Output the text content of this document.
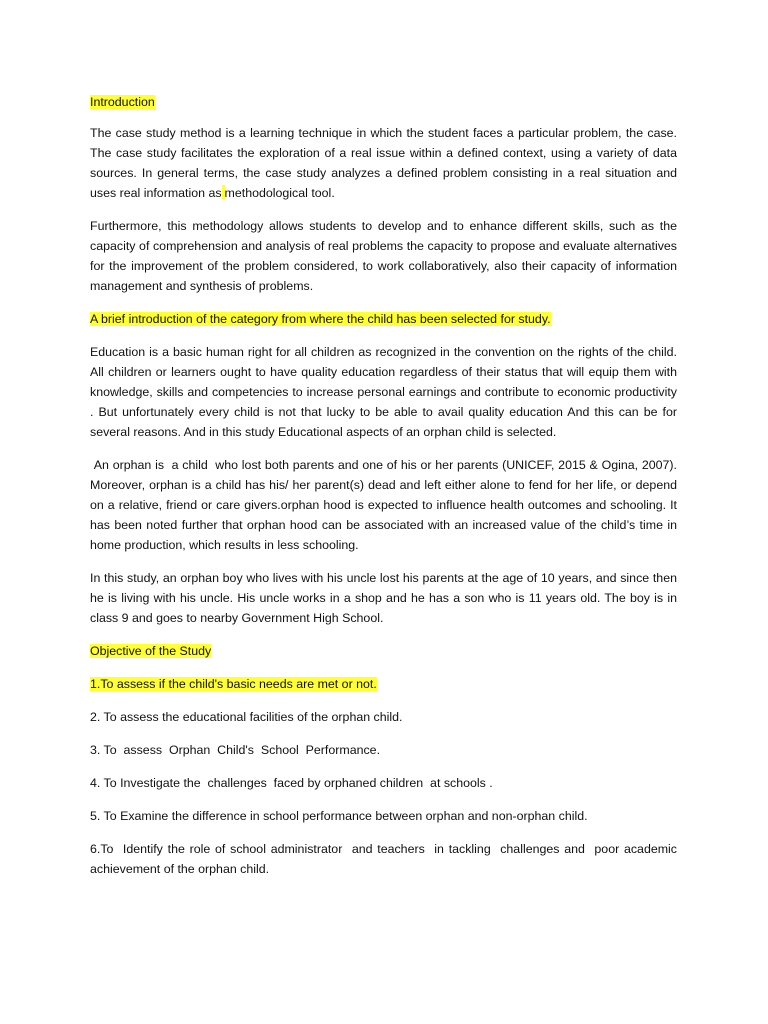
Introduction

The case study method is a learning technique in which the student faces a particular problem, the case. The case study facilitates the exploration of a real issue within a defined context, using a variety of data sources. In general terms, the case study analyzes a defined problem consisting in a real situation and uses real information as methodological tool.

Furthermore, this methodology allows students to develop and to enhance different skills, such as the capacity of comprehension and analysis of real problems the capacity to propose and evaluate alternatives for the improvement of the problem considered, to work collaboratively, also their capacity of information management and synthesis of problems.

A brief introduction of the category from where the child has been selected for study.

Education is a basic human right for all children as recognized in the convention on the rights of the child. All children or learners ought to have quality education regardless of their status that will equip them with knowledge, skills and competencies to increase personal earnings and contribute to economic productivity . But unfortunately every child is not that lucky to be able to avail quality education And this can be for several reasons. And in this study Educational aspects of an orphan child is selected.

An orphan is  a child  who lost both parents and one of his or her parents (UNICEF, 2015 & Ogina, 2007). Moreover, orphan is a child has his/ her parent(s) dead and left either alone to fend for her life, or depend on a relative, friend or care givers.orphan hood is expected to influence health outcomes and schooling. It has been noted further that orphan hood can be associated with an increased value of the child’s time in home production, which results in less schooling.

In this study, an orphan boy who lives with his uncle lost his parents at the age of 10 years, and since then he is living with his uncle. His uncle works in a shop and he has a son who is 11 years old. The boy is in class 9 and goes to nearby Government High School.

Objective of the Study
1.To assess if the child's basic needs are met or not.

2. To assess the educational facilities of the orphan child.

3. To  assess  Orphan  Child's  School  Performance.

4. To Investigate the  challenges  faced by orphaned children  at schools .

5. To Examine the difference in school performance between orphan and non-orphan child.

6.To  Identify the role of school administrator  and teachers  in tackling  challenges and  poor academic achievement of the orphan child.
